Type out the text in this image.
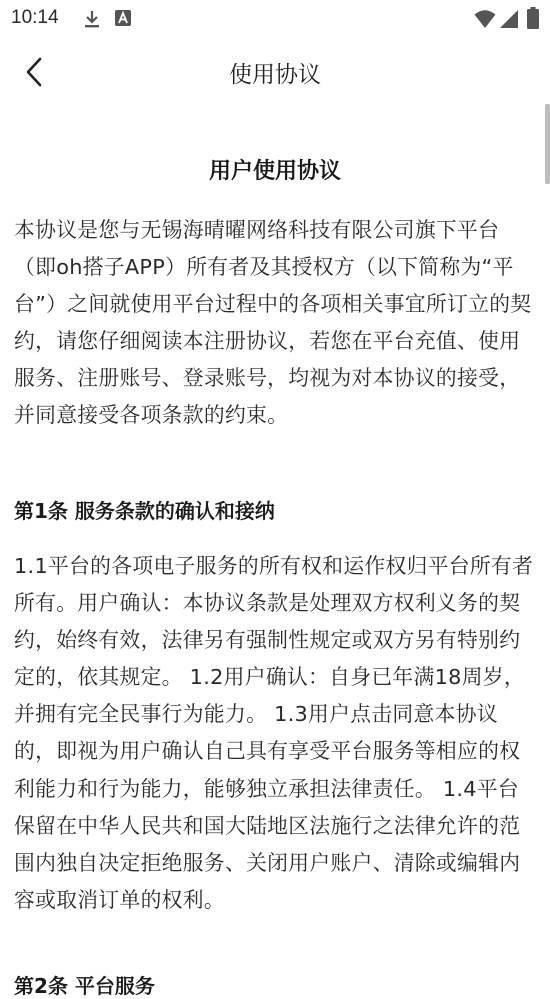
10:14
使用协议
用户使用协议
本协议是您与无锡海晴曜网络科技有限公司旗下平台（即oh搭子APP）所有者及其授权方（以下简称为“平台”）之间就使用平台过程中的各项相关事宜所订立的契约，请您仔细阅读本注册协议，若您在平台充值、使用服务、注册账号、登录账号，均视为对本协议的接受，并同意接受各项条款的约束。
第1条 服务条款的确认和接纳
1.1平台的各项电子服务的所有权和运作权归平台所有者所有。用户确认：本协议条款是处理双方权利义务的契约，始终有效，法律另有强制性规定或双方另有特别约定的，依其规定。 1.2用户确认：自身已年满18周岁，并拥有完全民事行为能力。 1.3用户点击同意本协议的，即视为用户确认自己具有享受平台服务等相应的权利能力和行为能力，能够独立承担法律责任。 1.4平台保留在中华人民共和国大陆地区法施行之法律允许的范围内独自决定拒绝服务、关闭用户账户、清除或编辑内容或取消订单的权利。
第2条 平台服务
